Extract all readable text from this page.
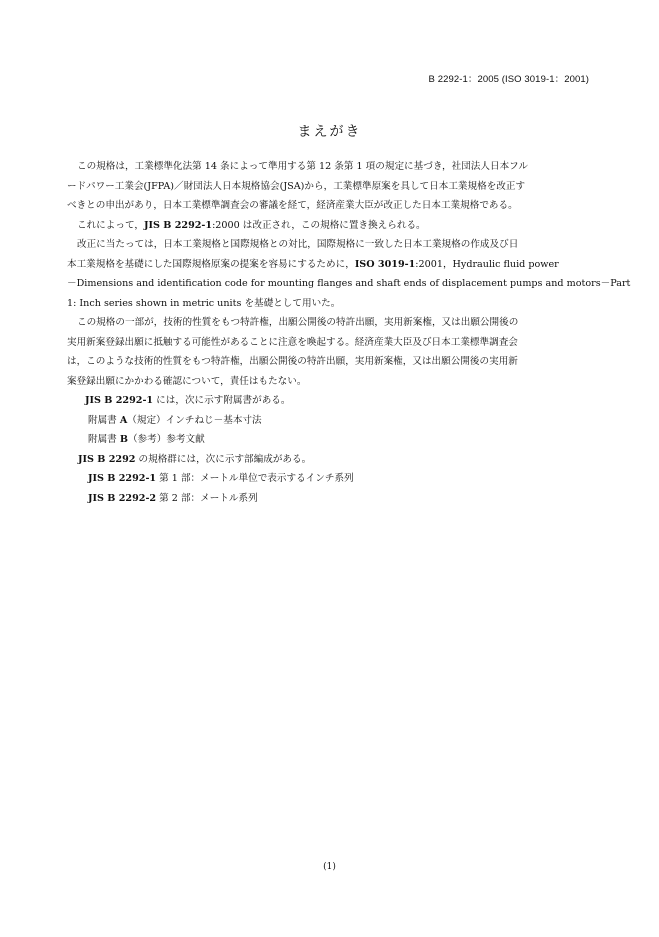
B 2292-1：2005 (ISO 3019-1：2001)
まえがき
この規格は，工業標準化法第 14 条によって準用する第 12 条第 1 項の規定に基づき，社団法人日本フル
ードパワー工業会(JFPA)／財団法人日本規格協会(JSA)から，工業標準原案を具して日本工業規格を改正す
べきとの申出があり，日本工業標準調査会の審議を経て，経済産業大臣が改正した日本工業規格である。
これによって，JIS B 2292-1:2000 は改正され，この規格に置き換えられる。
改正に当たっては，日本工業規格と国際規格との対比，国際規格に一致した日本工業規格の作成及び日
本工業規格を基礎にした国際規格原案の提案を容易にするために，ISO 3019-1:2001，Hydraulic fluid power
－Dimensions and identification code for mounting flanges and shaft ends of displacement pumps and motors－Part
1: Inch series shown in metric units を基礎として用いた。
この規格の一部が，技術的性質をもつ特許権，出願公開後の特許出願，実用新案権，又は出願公開後の
実用新案登録出願に抵触する可能性があることに注意を喚起する。経済産業大臣及び日本工業標準調査会
は，このような技術的性質をもつ特許権，出願公開後の特許出願，実用新案権，又は出願公開後の実用新
案登録出願にかかわる確認について，責任はもたない。
JIS B 2292-1 には，次に示す附属書がある。
附属書 A（規定）インチねじ－基本寸法
附属書 B（参考）参考文献
JIS B 2292 の規格群には，次に示す部編成がある。
JIS B 2292-1 第 1 部：メートル単位で表示するインチ系列
JIS B 2292-2 第 2 部：メートル系列
(1)
